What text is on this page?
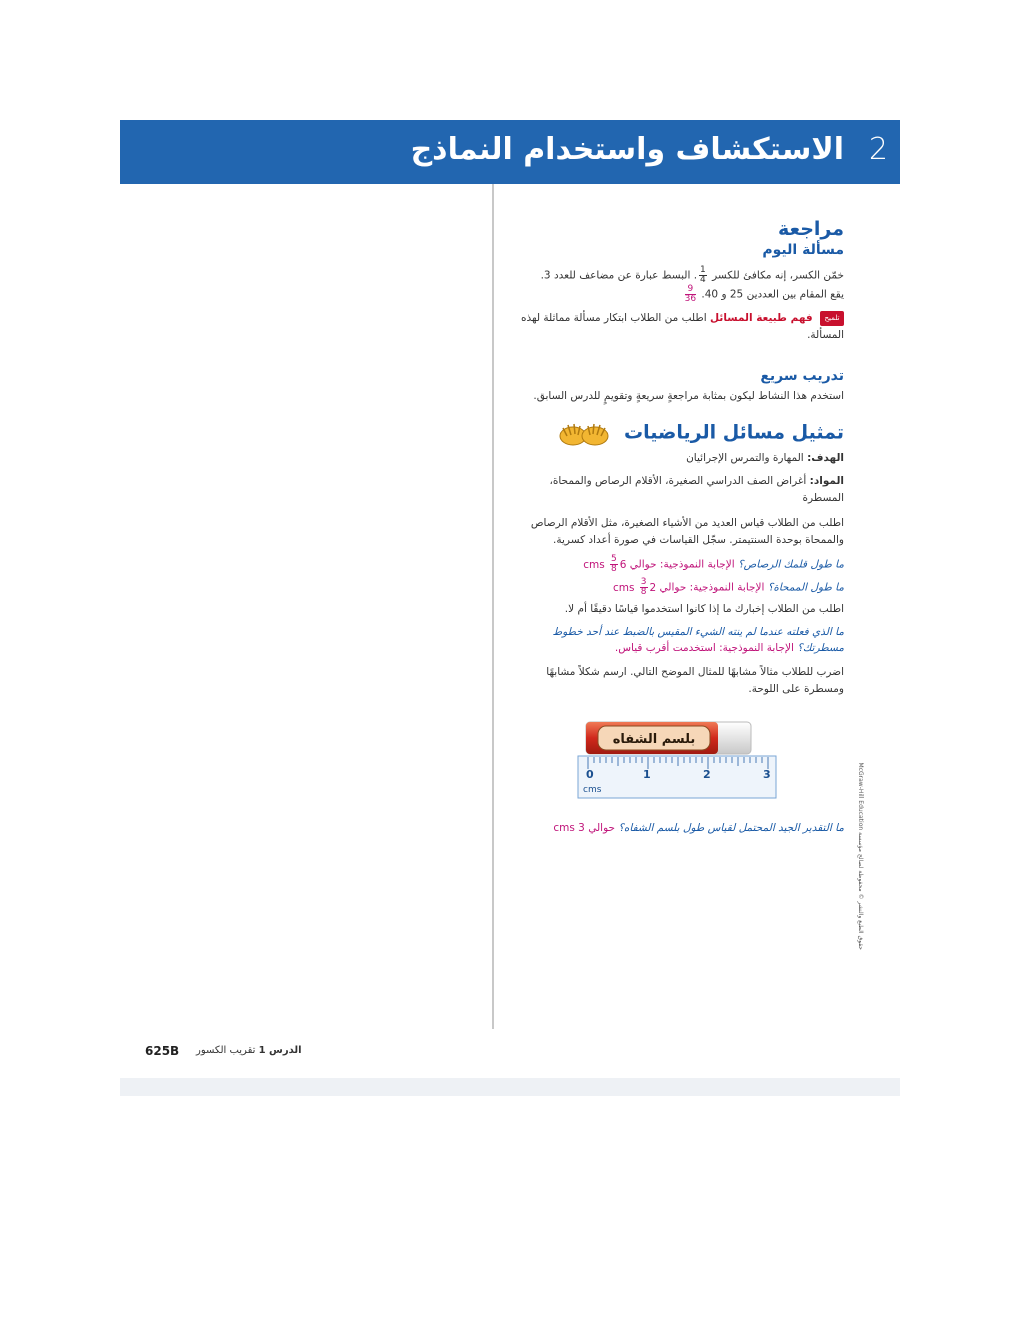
2
الاستكشاف واستخدام النماذج
مراجعة
مسألة اليوم
خمّن الكسر، إنه مكافئ للكسر
$\frac{1}{4}$
. البسط عبارة عن مضاعف للعدد 3.
يقع المقام بين العددين 25 و 40.
$\frac{9}{36}$
تلميح فهم طبيعة المسائل اطلب من الطلاب ابتكار مسألة مماثلة لهذه المسألة.
تدريب سريع
استخدم هذا النشاط ليكون بمثابة مراجعةٍ سريعةٍ وتقويمٍ للدرس السابق.
تمثيل مسائل الرياضيات
الهدف: المهارة والتمرس الإجرائيان
المواد: أغراض الصف الدراسي الصغيرة، الأقلام الرصاص والممحاة، المسطرة
اطلب من الطلاب قياس العديد من الأشياء الصغيرة، مثل الأقلام الرصاص والممحاة بوحدة السنتيمتر. سجّل القياسات في صورة أعداد كسرية.
ما طول قلمك الرصاص؟ الإجابة النموذجية: حوالي cms $\frac{5}{8} 6$
ما طول الممحاة؟ الإجابة النموذجية: حوالي cms $\frac{3}{8} 2$
اطلب من الطلاب إخبارك ما إذا كانوا استخدموا قياسًا دقيقًا أم لا.
ما الذي فعلته عندما لم ينته الشيء المقيس بالضبط عند أحد خطوط مسطرتك؟ الإجابة النموذجية: استخدمت أقرب قياس.
اضرب للطلاب مثالاً مشابهًا للمثال الموضح التالي. ارسم شكلاً مشابهًا ومسطرة على اللوحة.
بلسم الشفاه
0	1	2	3
cms
ما التقدير الجيد المحتمل لقياس طول بلسم الشفاه؟ حوالي 3 cms	حقوق الطبع والنشر © محفوظة لصالح مؤسسة McGraw-Hill Education
625B	الدرس 1 تقريب الكسور
